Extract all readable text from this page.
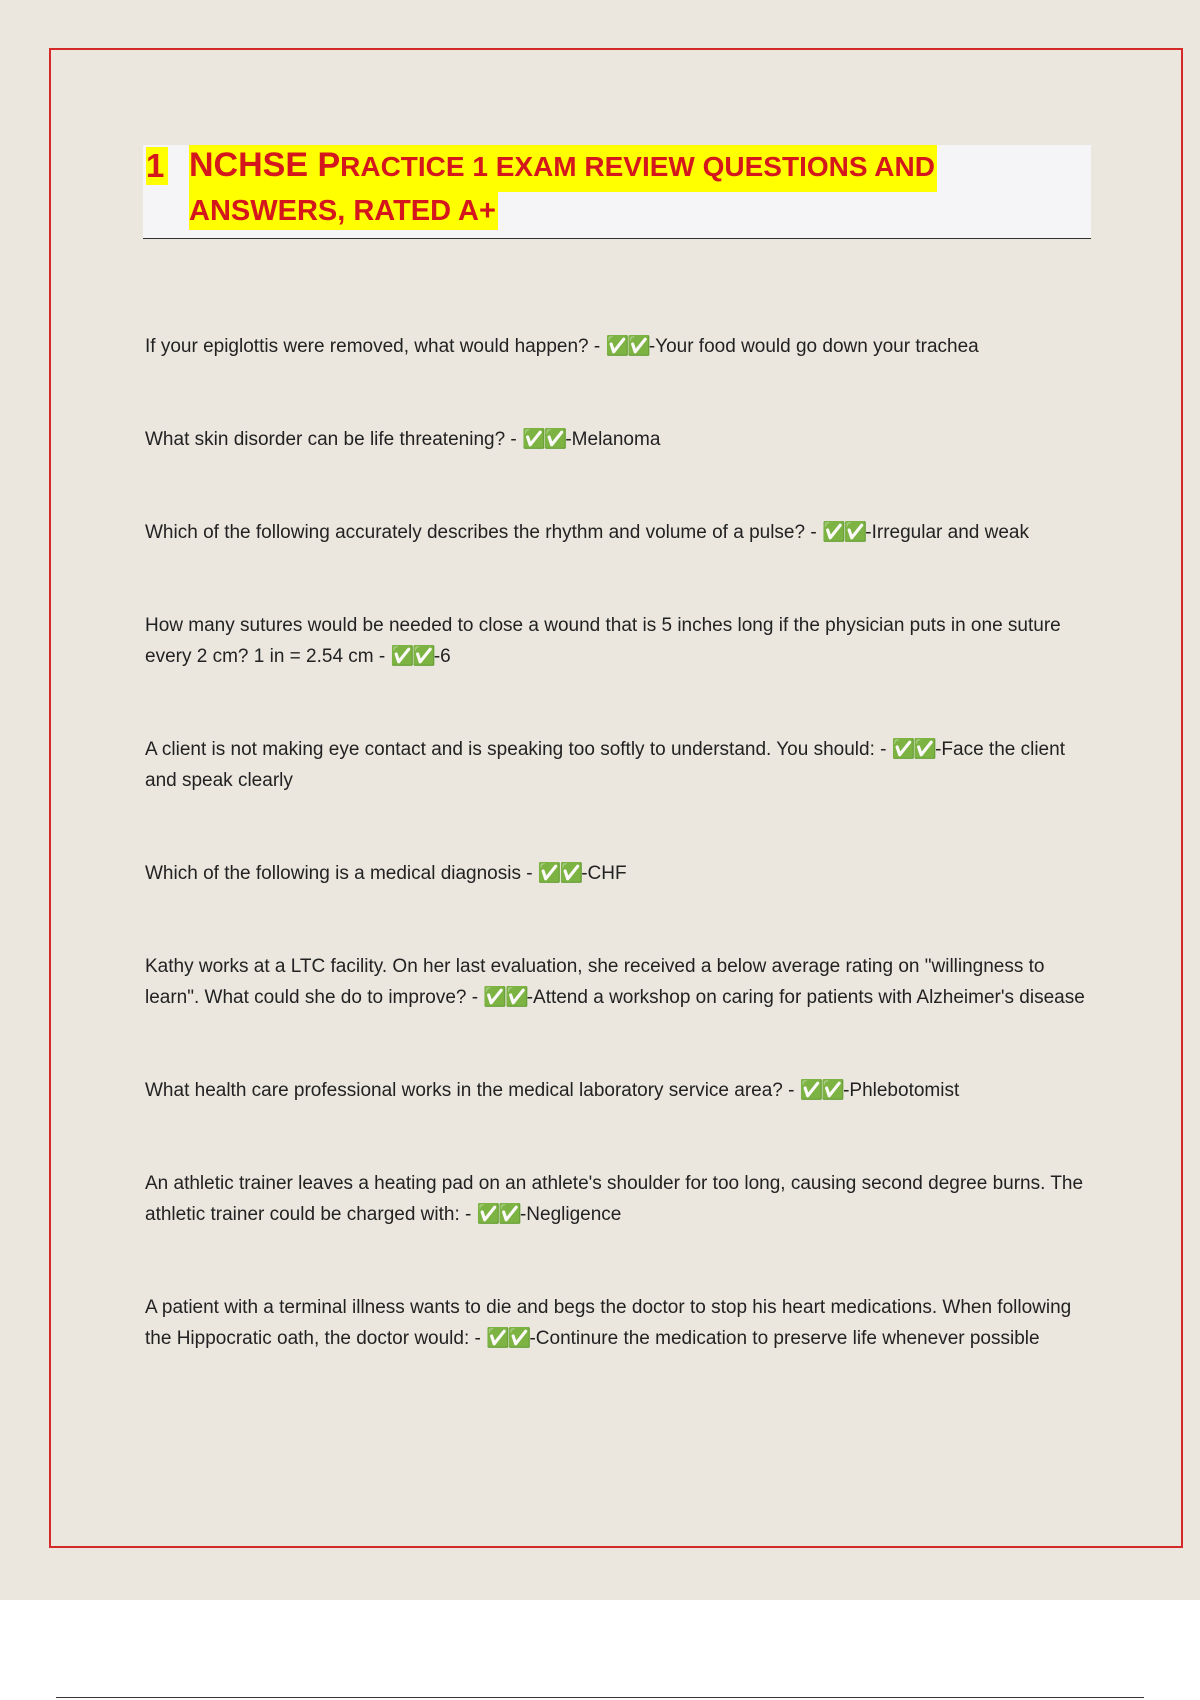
1 NCHSE PRACTICE 1 EXAM REVIEW QUESTIONS AND
ANSWERS, RATED A+

If your epiglottis were removed, what would happen? - ✅✅-Your food would go down your trachea

What skin disorder can be life threatening? - ✅✅-Melanoma

Which of the following accurately describes the rhythm and volume of a pulse? - ✅✅-Irregular and weak

How many sutures would be needed to close a wound that is 5 inches long if the physician puts in one suture every 2 cm? 1 in = 2.54 cm - ✅✅-6

A client is not making eye contact and is speaking too softly to understand. You should: - ✅✅-Face the client and speak clearly

Which of the following is a medical diagnosis - ✅✅-CHF

Kathy works at a LTC facility. On her last evaluation, she received a below average rating on "willingness to learn". What could she do to improve? - ✅✅-Attend a workshop on caring for patients with Alzheimer's disease

What health care professional works in the medical laboratory service area? - ✅✅-Phlebotomist

An athletic trainer leaves a heating pad on an athlete's shoulder for too long, causing second degree burns. The athletic trainer could be charged with: - ✅✅-Negligence

A patient with a terminal illness wants to die and begs the doctor to stop his heart medications. When following the Hippocratic oath, the doctor would: - ✅✅-Continure the medication to preserve life whenever possible
